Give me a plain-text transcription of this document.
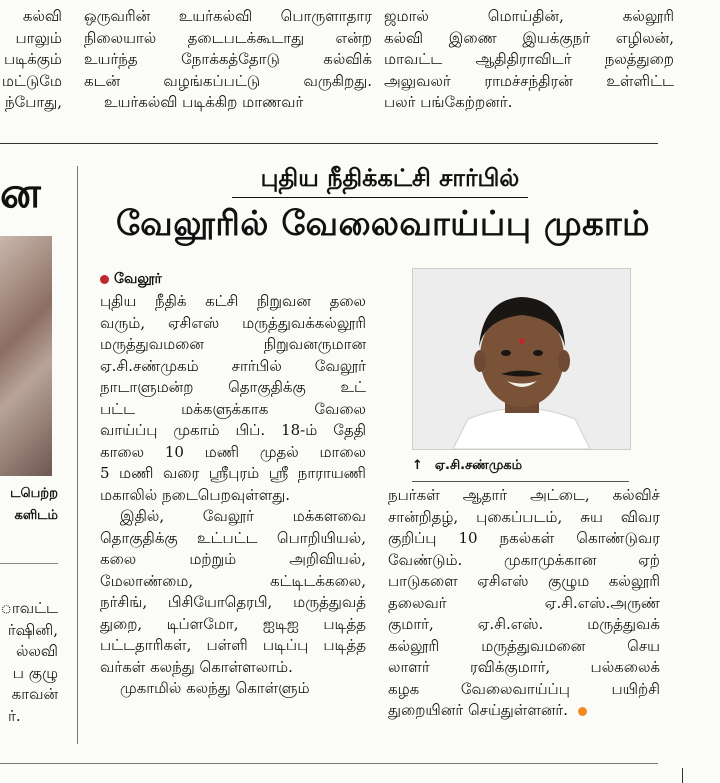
கல்வி

பாலும்

படிக்கும்

மட்டுமே

ந்போது,

ஒருவரின் உயர்கல்வி பொருளாதார

நிலையால் தடைபடக்கூடாது என்ற

உயர்ந்த நோக்கத்தோடு கல்விக்

கடன் வழங்கப்பட்டு வருகிறது.

உயர்கல்வி படிக்கிற மாணவர்

ஜமால் மொய்தின், கல்லூரி

கல்வி இணை இயக்குநர் எழிலன்,

மாவட்ட ஆதிதிராவிடர் நலத்துறை

அலுவலர் ராமச்சந்திரன் உள்ளிட்ட

பலர் பங்கேற்றனர்.

ன
டபெற்ற
களிடம்

ாவட்ட

ர்ஷினி,

ல்லவி

ப குழு

காவன்

ர்.

புதிய நீதிக்கட்சி சார்பில்
வேலூரில் வேலைவாய்ப்பு முகாம்
வேலூர்

புதிய நீதிக் கட்சி நிறுவன தலை

வரும், ஏசிஎஸ் மருத்துவக்கல்லூரி

மருத்துவமனை நிறுவனருமான

ஏ.சி.சண்முகம் சார்பில் வேலூர்

நாடாளுமன்ற தொகுதிக்கு உட்

பட்ட மக்களுக்காக வேலை

வாய்ப்பு முகாம் பிப். 18-ம் தேதி

காலை 10 மணி முதல் மாலை

5 மணி வரை ஸ்ரீபுரம் ஸ்ரீ நாராயணி

மகாலில் நடைபெறவுள்ளது.

இதில், வேலூர் மக்களவை

தொகுதிக்கு உட்பட்ட பொறியியல்,

கலை மற்றும் அறிவியல்,

மேலாண்மை, கட்டிடக்கலை,

நர்சிங், பிசியோதெரபி, மருத்துவத்

துறை, டிப்ளமோ, ஐடிஐ படித்த

பட்டதாரிகள், பள்ளி படிப்பு படித்த

வர்கள் கலந்து கொள்ளலாம்.

முகாமில் கலந்து கொள்ளும்

↑ ஏ.சி.சண்முகம்

நபர்கள் ஆதார் அட்டை, கல்விச்

சான்றிதழ், புகைப்படம், சுய விவர

குறிப்பு 10 நகல்கள் கொண்டுவர

வேண்டும். முகாமுக்கான ஏற்

பாடுகளை ஏசிஎஸ் குழும கல்லூரி

தலைவர் ஏ.சி.எஸ்.அருண்

குமார், ஏ.சி.எஸ். மருத்துவக்

கல்லூரி மருத்துவமனை செய

லாளர் ரவிக்குமார், பல்கலைக்

கழக வேலைவாய்ப்பு பயிற்சி

துறையினர் செய்துள்ளனர்.
